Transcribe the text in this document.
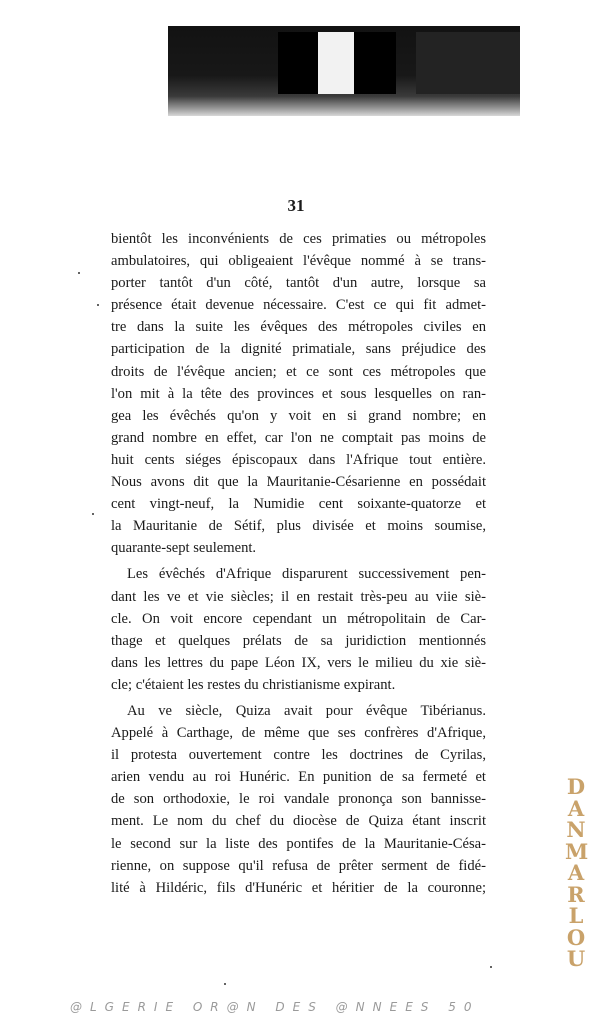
31
bientôt les inconvénients de ces primaties ou métropoles
ambulatoires, qui obligeaient l'évêque nommé à se trans-
porter tantôt d'un côté, tantôt d'un autre, lorsque sa
présence était devenue nécessaire. C'est ce qui fit admet-
tre dans la suite les évêques des métropoles civiles en
participation de la dignité primatiale, sans préjudice des
droits de l'évêque ancien; et ce sont ces métropoles que
l'on mit à la tête des provinces et sous lesquelles on ran-
gea les évêchés qu'on y voit en si grand nombre; en
grand nombre en effet, car l'on ne comptait pas moins de
huit cents siéges épiscopaux dans l'Afrique tout entière.
Nous avons dit que la Mauritanie-Césarienne en possédait
cent vingt-neuf, la Numidie cent soixante-quatorze et
la Mauritanie de Sétif, plus divisée et moins soumise,
quarante-sept seulement.
Les évêchés d'Afrique disparurent successivement pen-
dant les ve et vie siècles; il en restait très-peu au viie siè-
cle. On voit encore cependant un métropolitain de Car-
thage et quelques prélats de sa juridiction mentionnés
dans les lettres du pape Léon IX, vers le milieu du xie siè-
cle; c'étaient les restes du christianisme expirant.
Au ve siècle, Quiza avait pour évêque Tibérianus.
Appelé à Carthage, de même que ses confrères d'Afrique,
il protesta ouvertement contre les doctrines de Cyrilas,
arien vendu au roi Hunéric. En punition de sa fermeté et
de son orthodoxie, le roi vandale prononça son bannisse-
ment. Le nom du chef du diocèse de Quiza étant inscrit
le second sur la liste des pontifes de la Mauritanie-Césa-
rienne, on suppose qu'il refusa de prêter serment de fidé-
lité à Hildéric, fils d'Hunéric et héritier de la couronne;
DANMARLOU
@LGERIE OR@N DES @NNEES 50
